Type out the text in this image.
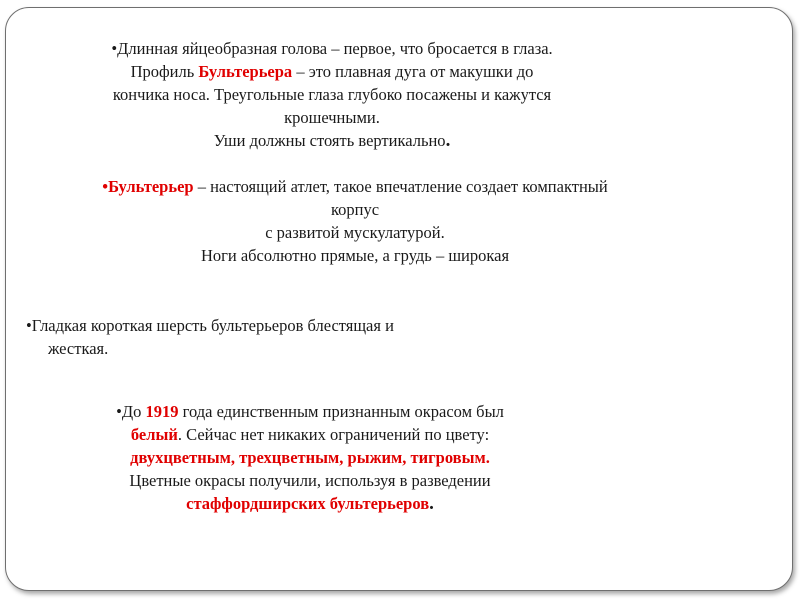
•Длинная яйцеобразная голова – первое, что бросается в глаза.
Профиль Бультерьера – это плавная дуга от макушки до
кончика носа. Треугольные глаза глубоко посажены и кажутся
крошечными.
Уши должны стоять вертикально.
•Бультерьер – настоящий атлет, такое впечатление создает компактный
корпус
с развитой мускулатурой.
Ноги абсолютно прямые, а грудь – широкая
•Гладкая короткая шерсть бультерьеров блестящая и
жесткая.
•До 1919 года единственным признанным окрасом был
белый. Сейчас нет никаких ограничений по цвету:
двухцветным, трехцветным, рыжим, тигровым.
Цветные окрасы получили, используя в разведении
стаффордширских бультерьеров.
